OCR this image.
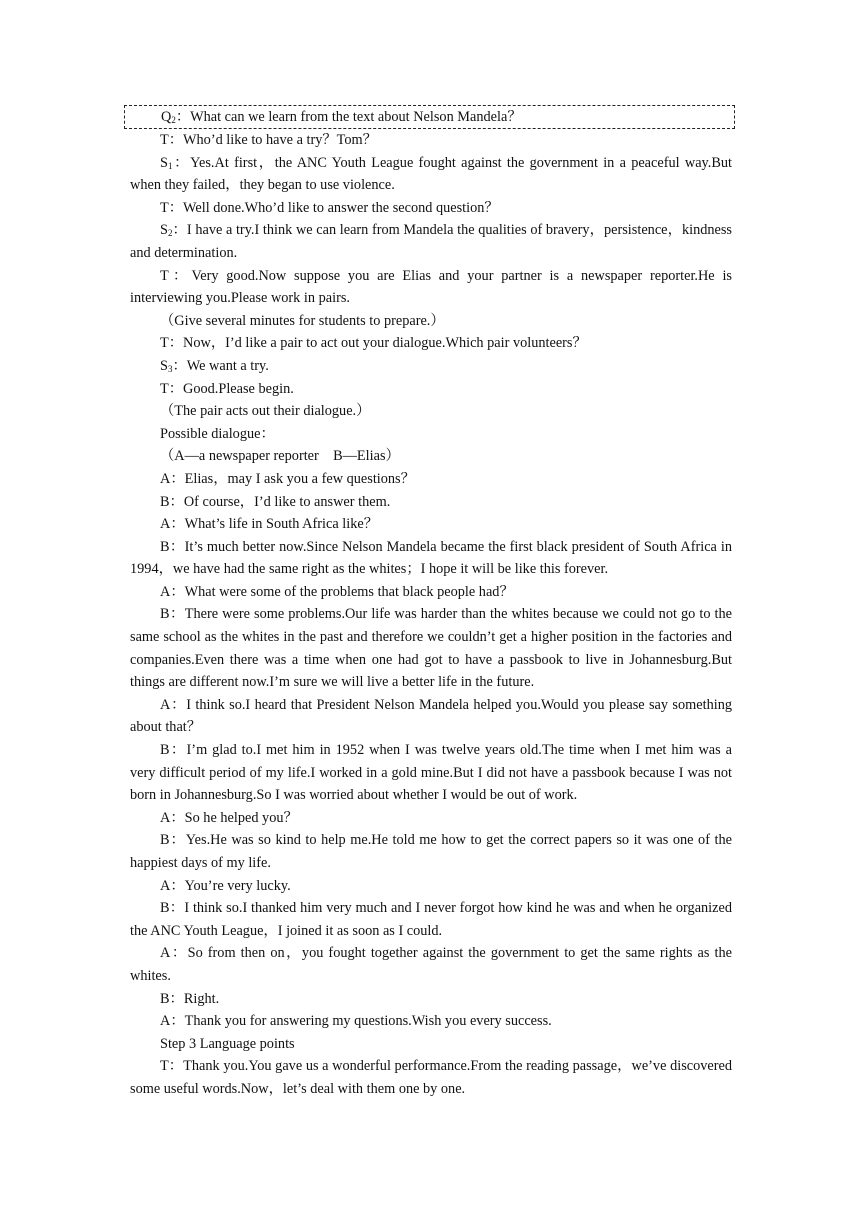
$Q_2$：What can we learn from the text about Nelson Mandela？

T：Who’d like to have a try？Tom？

$S_1$：Yes.At first，the ANC Youth League fought against the government in a peaceful way.But when they failed，they began to use violence.

T：Well done.Who’d like to answer the second question？

$S_2$：I have a try.I think we can learn from Mandela the qualities of bravery，persistence，kindness and determination.

T：Very good.Now suppose you are Elias and your partner is a newspaper reporter.He is interviewing you.Please work in pairs.

（Give several minutes for students to prepare.）

T：Now，I’d like a pair to act out your dialogue.Which pair volunteers？

$S_3$：We want a try.

T：Good.Please begin.

（The pair acts out their dialogue.）

Possible dialogue：

（A—a newspaper reporter　B—Elias）

A：Elias，may I ask you a few questions？

B：Of course，I’d like to answer them.

A：What’s life in South Africa like？

B：It’s much better now.Since Nelson Mandela became the first black president of South Africa in 1994，we have had the same right as the whites；I hope it will be like this forever.

A：What were some of the problems that black people had？

B：There were some problems.Our life was harder than the whites because we could not go to the same school as the whites in the past and therefore we couldn’t get a higher position in the factories and companies.Even there was a time when one had got to have a passbook to live in Johannesburg.But things are different now.I’m sure we will live a better life in the future.

A：I think so.I heard that President Nelson Mandela helped you.Would you please say something about that？

B：I’m glad to.I met him in 1952 when I was twelve years old.The time when I met him was a very difficult period of my life.I worked in a gold mine.But I did not have a passbook because I was not born in Johannesburg.So I was worried about whether I would be out of work.

A：So he helped you？

B：Yes.He was so kind to help me.He told me how to get the correct papers so it was one of the happiest days of my life.

A：You’re very lucky.

B：I think so.I thanked him very much and I never forgot how kind he was and when he organized the ANC Youth League，I joined it as soon as I could.

A：So from then on，you fought together against the government to get the same rights as the whites.

B：Right.

A：Thank you for answering my questions.Wish you every success.

Step 3 Language points

T：Thank you.You gave us a wonderful performance.From the reading passage，we’ve discovered some useful words.Now，let’s deal with them one by one.
